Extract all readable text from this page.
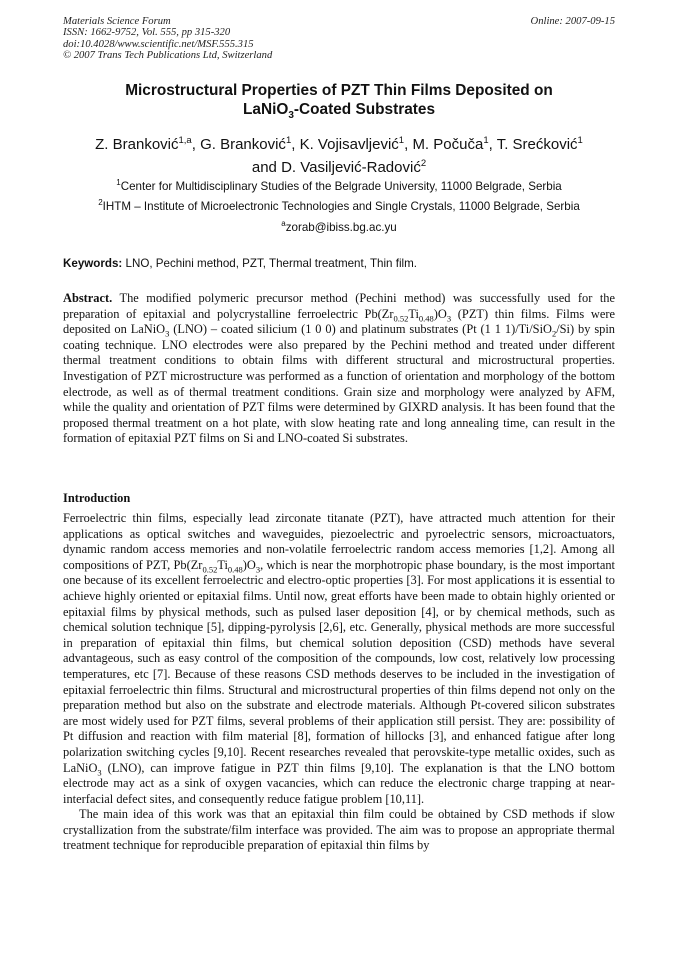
Materials Science Forum
ISSN: 1662-9752, Vol. 555, pp 315-320
doi:10.4028/www.scientific.net/MSF.555.315
© 2007 Trans Tech Publications Ltd, Switzerland
Online: 2007-09-15
Microstructural Properties of PZT Thin Films Deposited on
LaNiO$_3$-Coated Substrates
Z. Branković$^{1,a}$, G. Branković$^1$, K. Vojisavljević$^1$, M. Počuča$^1$, T. Srećković$^1$
and D. Vasiljević-Radović$^2$
$^1$Center for Multidisciplinary Studies of the Belgrade University, 11000 Belgrade, Serbia
$^2$IHTM – Institute of Microelectronic Technologies and Single Crystals, 11000 Belgrade, Serbia
$^a$zorab@ibiss.bg.ac.yu
Keywords: LNO, Pechini method, PZT, Thermal treatment, Thin film.

Abstract. The modified polymeric precursor method (Pechini method) was successfully used for the preparation of epitaxial and polycrystalline ferroelectric $Pb(Zr_{0.52}Ti_{0.48})O_3$ (PZT) thin films. Films were deposited on LaNiO$_3$ (LNO) – coated silicium (1 0 0) and platinum substrates (Pt (1 1 1)/Ti/SiO$_2$/Si) by spin coating technique. LNO electrodes were also prepared by the Pechini method and treated under different thermal treatment conditions to obtain films with different structural and microstructural properties. Investigation of PZT microstructure was performed as a function of orientation and morphology of the bottom electrode, as well as of thermal treatment conditions. Grain size and morphology were analyzed by AFM, while the quality and orientation of PZT films were determined by GIXRD analysis. It has been found that the proposed thermal treatment on a hot plate, with slow heating rate and long annealing time, can result in the formation of epitaxial PZT films on Si and LNO-coated Si substrates.

Introduction

Ferroelectric thin films, especially lead zirconate titanate (PZT), have attracted much attention for their applications as optical switches and waveguides, piezoelectric and pyroelectric sensors, microactuators, dynamic random access memories and non-volatile ferroelectric random access memories [1,2]. Among all compositions of PZT, $Pb(Zr_{0.52}Ti_{0.48})O_3$, which is near the morphotropic phase boundary, is the most important one because of its excellent ferroelectric and electro-optic properties [3]. For most applications it is essential to achieve highly oriented or epitaxial films. Until now, great efforts have been made to obtain highly oriented or epitaxial films by physical methods, such as pulsed laser deposition [4], or by chemical methods, such as chemical solution technique [5], dipping-pyrolysis [2,6], etc. Generally, physical methods are more successful in preparation of epitaxial thin films, but chemical solution deposition (CSD) methods have several advantageous, such as easy control of the composition of the compounds, low cost, relatively low processing temperatures, etc [7]. Because of these reasons CSD methods deserves to be included in the investigation of epitaxial ferroelectric thin films. Structural and microstructural properties of thin films depend not only on the preparation method but also on the substrate and electrode materials. Although Pt-covered silicon substrates are most widely used for PZT films, several problems of their application still persist. They are: possibility of Pt diffusion and reaction with film material [8], formation of hillocks [3], and enhanced fatigue after long polarization switching cycles [9,10]. Recent researches revealed that perovskite-type metallic oxides, such as LaNiO$_3$ (LNO), can improve fatigue in PZT thin films [9,10]. The explanation is that the LNO bottom electrode may act as a sink of oxygen vacancies, which can reduce the electronic charge trapping at near-interfacial defect sites, and consequently reduce fatigue problem [10,11].

The main idea of this work was that an epitaxial thin film could be obtained by CSD methods if slow crystallization from the substrate/film interface was provided. The aim was to propose an appropriate thermal treatment technique for reproducible preparation of epitaxial thin films by
